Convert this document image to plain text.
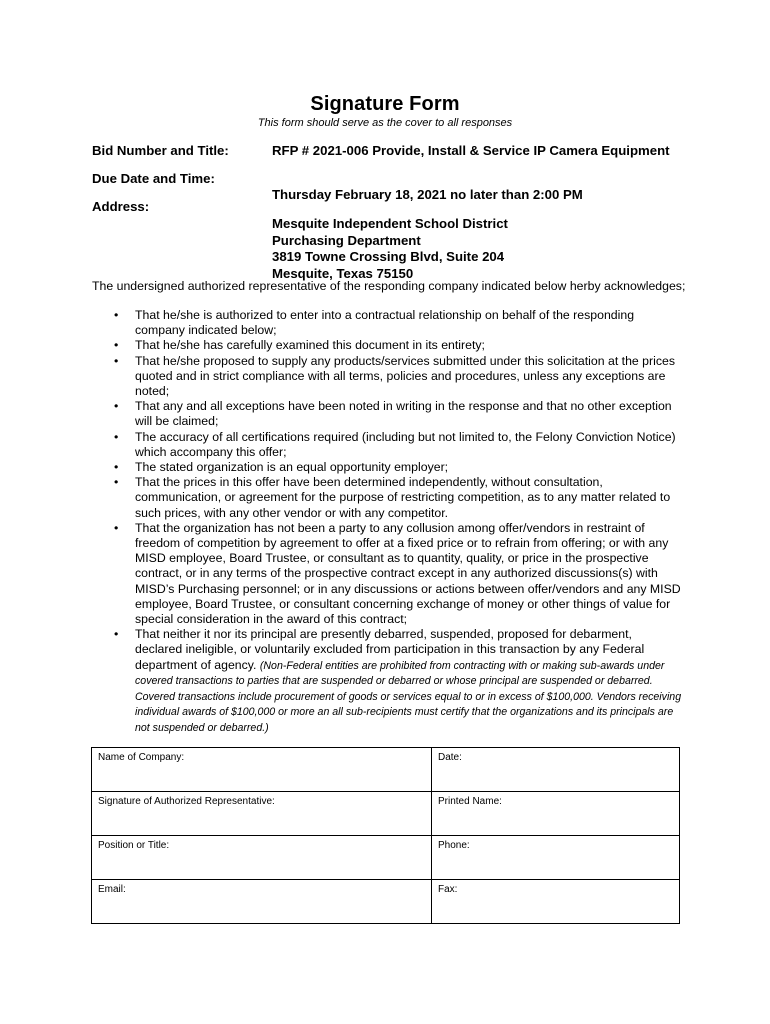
Signature Form
This form should serve as the cover to all responses
Bid Number and Title:	RFP # 2021-006 Provide, Install & Service IP Camera Equipment
Due Date and Time:
Thursday February 18, 2021 no later than 2:00 PM
Address:
Mesquite Independent School District
Purchasing Department
3819 Towne Crossing Blvd, Suite 204
Mesquite, Texas 75150
The undersigned authorized representative of the responding company indicated below herby acknowledges;
• That he/she is authorized to enter into a contractual relationship on behalf of the responding company indicated below;
• That he/she has carefully examined this document in its entirety;
• That he/she proposed to supply any products/services submitted under this solicitation at the prices quoted and in strict compliance with all terms, policies and procedures, unless any exceptions are noted;
• That any and all exceptions have been noted in writing in the response and that no other exception will be claimed;
• The accuracy of all certifications required (including but not limited to, the Felony Conviction Notice) which accompany this offer;
• The stated organization is an equal opportunity employer;
• That the prices in this offer have been determined independently, without consultation, communication, or agreement for the purpose of restricting competition, as to any matter related to such prices, with any other vendor or with any competitor.
• That the organization has not been a party to any collusion among offer/vendors in restraint of freedom of competition by agreement to offer at a fixed price or to refrain from offering; or with any MISD employee, Board Trustee, or consultant as to quantity, quality, or price in the prospective contract, or in any terms of the prospective contract except in any authorized discussions(s) with MISD’s Purchasing personnel; or in any discussions or actions between offer/vendors and any MISD employee, Board Trustee, or consultant concerning exchange of money or other things of value for special consideration in the award of this contract;
• That neither it nor its principal are presently debarred, suspended, proposed for debarment, declared ineligible, or voluntarily excluded from participation in this transaction by any Federal department of agency. (Non-Federal entities are prohibited from contracting with or making sub-awards under covered transactions to parties that are suspended or debarred or whose principal are suspended or debarred. Covered transactions include procurement of goods or services equal to or in excess of $100,000. Vendors receiving individual awards of $100,000 or more an all sub-recipients must certify that the organizations and its principals are not suspended or debarred.)
Name of Company:	Date:
Signature of Authorized Representative:	Printed Name:
Position or Title:	Phone:
Email:	Fax:
